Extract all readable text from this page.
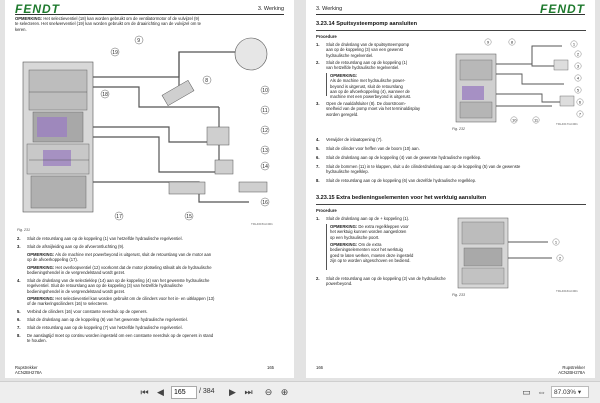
FENDT	3. Werking
OPMERKING: Het selectieventiel (18) kan worden gebruikt om de ventilatormotor of de vulvijzel (9)
te selecteren. Het snelwerventiel (19) kan worden gebruikt om de draairichting van de vulvijzel om te
keren.
9
8
10
11
12
13
14
16
15
17
18
19
Fig. 231
TRL4615GC001
2. Sluit de retourslang aan op de koppeling (1) van hetzelfde hydraulische regelventiel.
3. Sluit de afsnijleiding aan op de afvoerontluchting (9).
OPMERKING: Als de machine met powerbeyond is uitgerust, sluit de retourslang van de motor aan
op de afvoerkoppeling (17).
OPMERKING: Het overloopventiel (12) voorkomt dat de motor plotseling stilvalt als de hydraulische
bedieningshendel in de vergrendelstand wordt gezet.
4. Sluit de drukslang van de selectieklep (14) aan op de koppeling (4) van het gewenste hydraulische
regelventiel. Sluit de retourslang aan op de koppeling (3) van hetzelfde hydraulische
bedieningshendel in de vergrendelstand wordt gezet.
OPMERKING: Het selectieventiel kan worden gebruikt om de cilinders voor het in- en uitklappen (13)
of de markeringscilinders (16) te selecteren.
5. Verbind de cilinders (16) voor constante neerdruk op de openers.
6. Sluit de drukslang aan op de koppeling (6) van het gewenste hydraulische regelventiel.
7. Sluit de retourslang aan op de koppeling (7) van hetzelfde hydraulische regelventiel.
8. De aanslagtijd moet op continu worden ingesteld om een constante neerdruk op de openers in stand
te houden.
Rupstrekker
ACN2BH278A
165
3. Werking	FENDT
3.23.14 Spuitsysteempomp aansluiten
Procedure
1. Sluit de drukslang van de spuitsysteempomp
aan op de koppeling (3) van een gewenst
hydraulische regelventiel.
2. Sluit de retourslang aan op de koppeling (1)
van hetzelfde hydraulische regelventiel.
OPMERKING:
Als de machine met hydraulische power-
beyond is uitgerust, sluit de retourslang
aan op de afvoerkoppeling (4), wanneer de
machine met een powerbeyond is uitgerust.
3. Open de naaldafsluiter (8). De doorstroom-
snelheid van de pomp moet via het terminaldisplay
worden geregeld.
1
2
3
4
5
6
7
8
9
10	11
Fig. 232
TRL4617GC001
4. Verwijder de inlaatopening (7).
5. Sluit de cilinder voor heffen van de boom (10) aan.
6. Sluit de drukslang aan op de koppeling (4) van de gewenste hydraulische regelklep.
7. Sluit de bommen (11) in te klappen, sluit u de cilinderdrukslang aan op de koppeling (5) van de gewenste
hydraulische regelklep.
8. Sluit de retourslang aan op de koppeling (6) van dezelfde hydraulische regelklep.
3.23.15 Extra bedieningselementen voor het werktuig aansluiten
Procedure
1. Sluit de drukslang aan op de + koppeling (1).
OPMERKING: De extra regelkleppen voor
het werktuig kunnen worden aangesloten
op een hydraulische poort.
OPMERKING: Om de extra
bedieningselementen voor het werktuig
goed te laten werken, moeten deze ingesteld
zijn op te worden uitgeschoven en bediend.
2. Sluit de retourslang aan op de koppeling (2) van de hydraulische
powerbeyond.
1
2
Fig. 233
TRL4616GC001
166	Rupstrekker
ACN2BH278A
⏮ ◀
165	/ 384	▶ ⏭	⊖ ⊕	▭ ⇔	87.03% ▾
